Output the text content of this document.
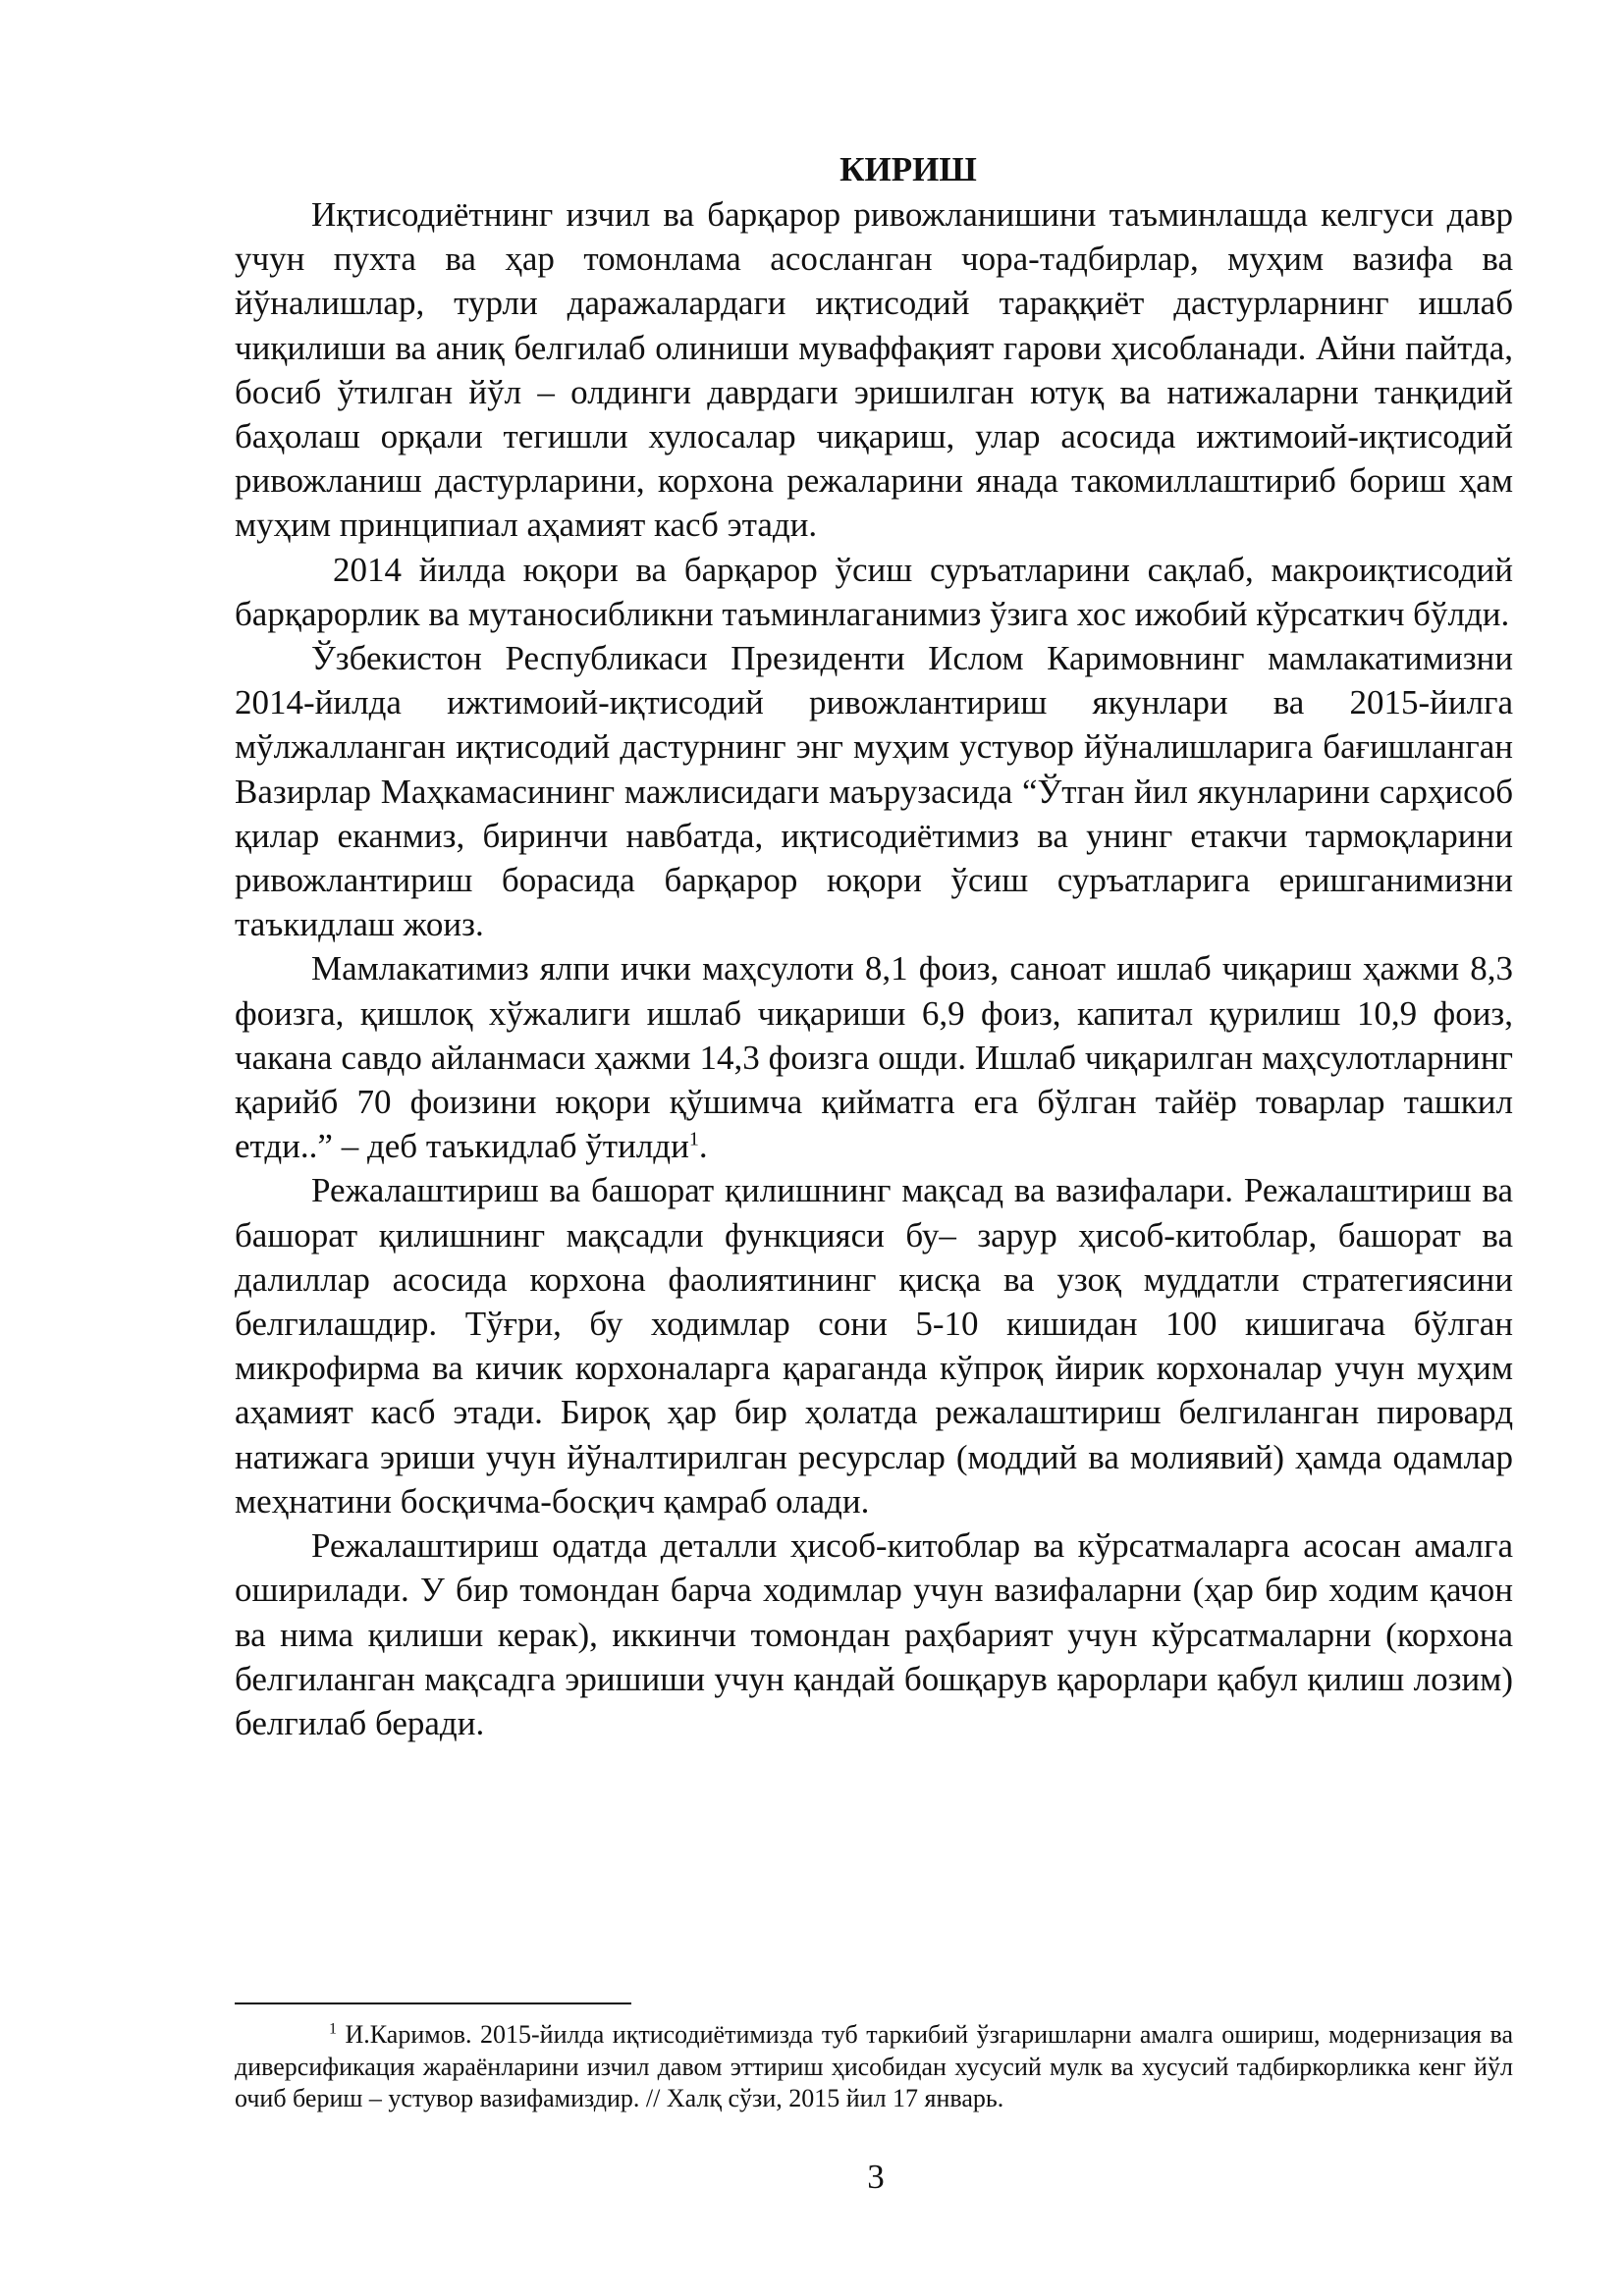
КИРИШ

Иқтисодиётнинг изчил ва барқарор ривожланишини таъминлашда келгуси давр учун пухта ва ҳар томонлама асосланган чора-тадбирлар, муҳим вазифа ва йўналишлар, турли даражалардаги иқтисодий тараққиёт дастурларнинг ишлаб чиқилиши ва аниқ белгилаб олиниши муваффақият гарови ҳисобланади. Айни пайтда, босиб ўтилган йўл – олдинги даврдаги эришилган ютуқ ва натижаларни танқидий баҳолаш орқали тегишли хулосалар чиқариш, улар асосида ижтимоий-иқтисодий ривожланиш дастурларини, корхона режаларини янада такомиллаштириб бориш ҳам муҳим принципиал аҳамият касб этади.

2014 йилда юқори ва барқарор ўсиш суръатларини сақлаб, макроиқтисодий барқарорлик ва мутаносибликни таъминлаганимиз ўзига хос ижобий кўрсаткич бўлди.

Ўзбекистон Республикаси Президенти Ислом Каримовнинг мамлакатимизни 2014-йилда ижтимоий-иқтисодий ривожлантириш якунлари ва 2015-йилга мўлжалланган иқтисодий дастурнинг энг муҳим устувор йўналишларига бағишланган Вазирлар Маҳкамасининг мажлисидаги маърузасида “Ўтган йил якунларини сарҳисоб қилар еканмиз, биринчи навбатда, иқтисодиётимиз ва унинг етакчи тармоқларини ривожлантириш борасида барқарор юқори ўсиш суръатларига еришганимизни таъкидлаш жоиз.

Мамлакатимиз ялпи ички маҳсулоти 8,1 фоиз, саноат ишлаб чиқариш ҳажми 8,3 фоизга, қишлоқ хўжалиги ишлаб чиқариши 6,9 фоиз, капитал қурилиш 10,9 фоиз, чакана савдо айланмаси ҳажми 14,3 фоизга ошди. Ишлаб чиқарилган маҳсулотларнинг қарийб 70 фоизини юқори қўшимча қийматга ега бўлган тайёр товарлар ташкил етди..” – деб таъкидлаб ўтилди$^1$.

Режалаштириш ва башорат қилишнинг мақсад ва вазифалари. Режалаштириш ва башорат қилишнинг мақсадли функцияси бу– зарур ҳисоб-китоблар, башорат ва далиллар асосида корхона фаолиятининг қисқа ва узоқ муддатли стратегиясини белгилашдир. Тўғри, бу ходимлар сони 5-10 кишидан 100 кишигача бўлган микрофирма ва кичик корхоналарга қараганда кўпроқ йирик корхоналар учун муҳим аҳамият касб этади. Бироқ ҳар бир ҳолатда режалаштириш белгиланган пировард натижага эриши учун йўналтирилган ресурслар (моддий ва молиявий) ҳамда одамлар меҳнатини босқичма-босқич қамраб олади.

Режалаштириш одатда деталли ҳисоб-китоблар ва кўрсатмаларга асосан амалга оширилади. У бир томондан барча ходимлар учун вазифаларни (ҳар бир ходим қачон ва нима қилиши керак), иккинчи томондан раҳбарият учун кўрсатмаларни (корхона белгиланган мақсадга эришиши учун қандай бошқарув қарорлари қабул қилиш лозим) белгилаб беради.

$^1$ И.Каримов. 2015-йилда иқтисодиётимизда туб таркибий ўзгаришларни амалга ошириш, модернизация ва диверсификация жараёнларини изчил давом эттириш ҳисобидан хусусий мулк ва хусусий тадбиркорликка кенг йўл очиб бериш – устувор вазифамиздир. // Халқ сўзи, 2015 йил 17 январь.

3
